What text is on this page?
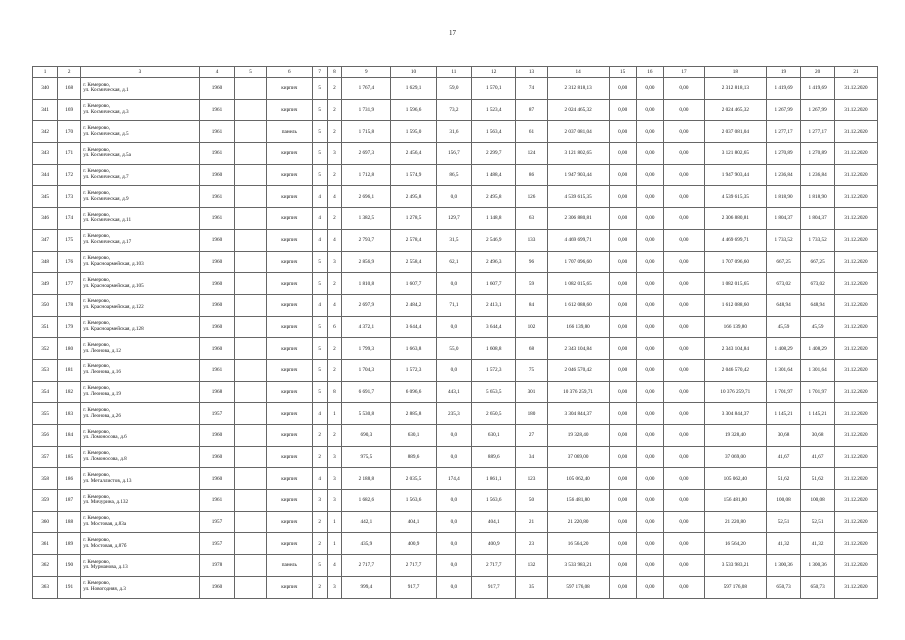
17
1	2	3	4	5	6	7	8	9	10	11	12	13	14	15	16	17	18	19	20	21
340	168	г. Кемерово,
ул. Космическая, д.1	1960		кирпич	5	2	1 767,4	1 629,1	59,0	1 570,1	74	2 312 818,13	0,00	0,00	0,00	2 312 818,13	1 419,69	1 419,69	31.12.2020
341	169	г. Кемерово,
ул. Космическая, д.3	1961		кирпич	5	2	1 731,9	1 596,6	73,2	1 523,4	87	2 024 465,32	0,00	0,00	0,00	2 024 465,32	1 267,99	1 267,99	31.12.2020
342	170	г. Кемерово,
ул. Космическая, д.5	1961		панель	5	2	1 715,8	1 595,0	31,6	1 563,4	61	2 037 081,04	0,00	0,00	0,00	2 037 081,04	1 277,17	1 277,17	31.12.2020
343	171	г. Кемерово,
ул. Космическая, д.5а	1961		кирпич	5	3	2 697,3	2 456,4	156,7	2 299,7	124	3 121 802,65	0,00	0,00	0,00	3 121 802,65	1 270,89	1 270,89	31.12.2020
344	172	г. Кемерово,
ул. Космическая, д.7	1960		кирпич	5	2	1 712,8	1 574,9	86,5	1 488,4	86	1 947 903,44	0,00	0,00	0,00	1 947 903,44	1 236,84	1 236,84	31.12.2020
345	173	г. Кемерово,
ул. Космическая, д.9	1961		кирпич	4	4	2 696,1	2 495,8	0,0	2 495,8	126	4 539 615,35	0,00	0,00	0,00	4 539 615,35	1 818,90	1 818,90	31.12.2020
346	174	г. Кемерово,
ул. Космическая, д.11	1961		кирпич	4	2	1 382,5	1 278,5	129,7	1 148,8	63	2 306 880,81	0,00	0,00	0,00	2 306 880,81	1 804,37	1 804,37	31.12.2020
347	175	г. Кемерово,
ул. Космическая, д.17	1960		кирпич	4	4	2 793,7	2 578,4	31,5	2 546,9	133	4 469 699,71	0,00	0,00	0,00	4 469 699,71	1 733,52	1 733,52	31.12.2020
348	176	г. Кемерово,
ул. Красноармейская, д.103	1960		кирпич	5	3	2 856,9	2 558,4	62,1	2 496,3	96	1 707 096,60	0,00	0,00	0,00	1 707 096,60	667,25	667,25	31.12.2020
349	177	г. Кемерово,
ул. Красноармейская, д.105	1960		кирпич	5	2	1 810,8	1 607,7	0,0	1 607,7	59	1 082 015,65	0,00	0,00	0,00	1 082 015,65	673,02	673,02	31.12.2020
350	178	г. Кемерово,
ул. Красноармейская, д.122	1960		кирпич	4	4	2 697,9	2 484,2	71,1	2 413,1	84	1 612 088,60	0,00	0,00	0,00	1 612 088,60	648,94	648,94	31.12.2020
351	179	г. Кемерово,
ул. Красноармейская, д.128	1960		кирпич	5	6	4 372,1	3 644,4	0,0	3 644,4	102	166 139,80	0,00	0,00	0,00	166 139,80	45,59	45,59	31.12.2020
352	180	г. Кемерово,
ул. Леонова, д.12	1960		кирпич	5	2	1 799,3	1 663,8	55,0	1 608,8	68	2 343 104,84	0,00	0,00	0,00	2 343 104,84	1 408,29	1 408,29	31.12.2020
353	181	г. Кемерово,
ул. Леонова, д.16	1961		кирпич	5	2	1 704,3	1 572,3	0,0	1 572,3	75	2 046 570,42	0,00	0,00	0,00	2 046 570,42	1 301,64	1 301,64	31.12.2020
354	182	г. Кемерово,
ул. Леонова, д.19	1968		кирпич	5	8	6 691,7	6 096,6	443,1	5 653,5	301	10 376 259,71	0,00	0,00	0,00	10 376 259,71	1 701,97	1 701,97	31.12.2020
355	183	г. Кемерово,
ул. Леонова, д.26	1957		кирпич	4	1	5 530,8	2 885,8	235,3	2 650,5	180	3 304 844,37	0,00	0,00	0,00	3 304 844,37	1 145,21	1 145,21	31.12.2020
356	184	г. Кемерово,
ул. Ломоносова, д.6	1960		кирпич	2	2	690,3	630,1	0,0	630,1	27	19 328,40	0,00	0,00	0,00	19 328,40	30,68	30,68	31.12.2020
357	185	г. Кемерово,
ул. Ломоносова, д.8	1960		кирпич	2	3	975,5	889,6	0,0	889,6	34	37 069,00	0,00	0,00	0,00	37 069,00	41,67	41,67	31.12.2020
358	186	г. Кемерово,
ул. Металлистов, д.13	1960		кирпич	4	3	2 188,8	2 035,5	174,4	1 861,1	123	105 062,40	0,00	0,00	0,00	105 062,40	51,62	51,62	31.12.2020
359	187	г. Кемерово,
ул. Мичурина, д.132	1961		кирпич	3	3	1 682,6	1 563,6	0,0	1 563,6	50	156 481,80	0,00	0,00	0,00	156 481,80	100,08	100,08	31.12.2020
360	188	г. Кемерово,
ул. Мостовая, д.83а	1957		кирпич	2	1	442,1	404,1	0,0	404,1	21	21 220,80	0,00	0,00	0,00	21 220,80	52,51	52,51	31.12.2020
361	189	г. Кемерово,
ул. Мостовая, д.87б	1957		кирпич	2	1	435,9	400,9	0,0	400,9	23	16 564,20	0,00	0,00	0,00	16 564,20	41,32	41,32	31.12.2020
362	190	г. Кемерово,
ул. Мурманова, д.13	1978		панель	5	4	2 717,7	2 717,7	0,0	2 717,7	132	3 533 983,21	0,00	0,00	0,00	3 533 983,21	1 300,36	1 300,36	31.12.2020
363	191	г. Кемерово,
ул. Новогодняя, д.3	1960		кирпич	2	3	999,4	917,7	0,0	917,7	35	597 176,08	0,00	0,00	0,00	597 176,08	650,73	650,73	31.12.2020
